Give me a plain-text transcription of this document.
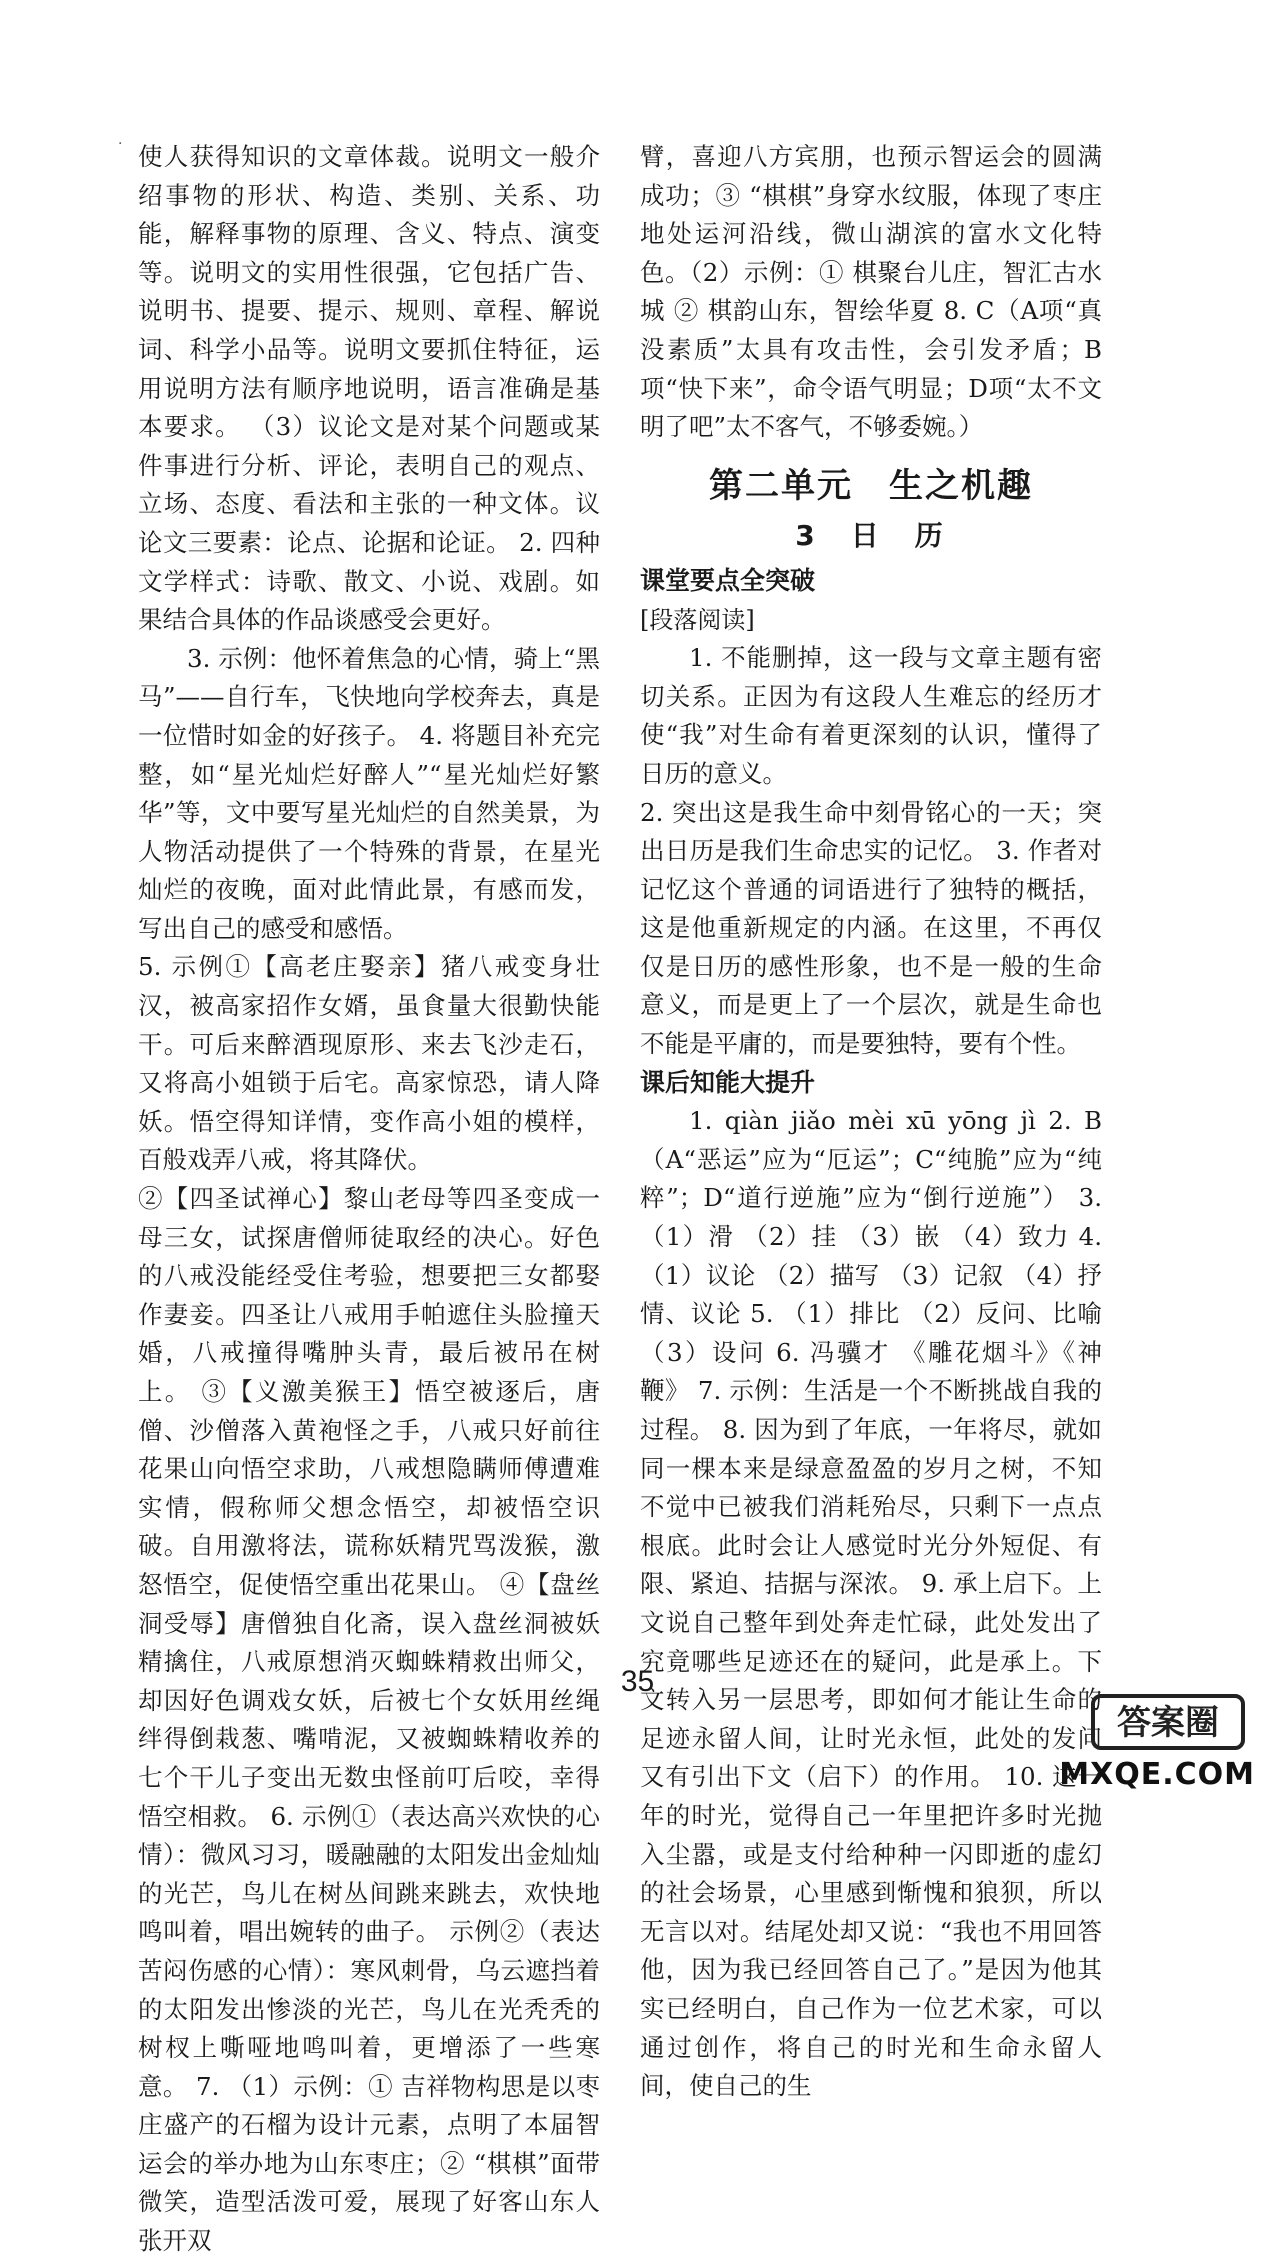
· 使人获得知识的文章体裁。说明文一般介绍事物的形状、构造、类别、关系、功能，解释事物的原理、含义、特点、演变等。说明文的实用性很强，它包括广告、说明书、提要、提示、规则、章程、解说词、科学小品等。说明文要抓住特征，运用说明方法有顺序地说明，语言准确是基本要求。 （3）议论文是对某个问题或某件事进行分析、评论，表明自己的观点、立场、态度、看法和主张的一种文体。议论文三要素：论点、论据和论证。 2. 四种文学样式：诗歌、散文、小说、戏剧。如果结合具体的作品谈感受会更好。

3. 示例：他怀着焦急的心情，骑上“黑马”——自行车，飞快地向学校奔去，真是一位惜时如金的好孩子。 4. 将题目补充完整，如“星光灿烂好醉人”“星光灿烂好繁华”等，文中要写星光灿烂的自然美景，为人物活动提供了一个特殊的背景，在星光灿烂的夜晚，面对此情此景，有感而发，写出自己的感受和感悟。

5. 示例①【高老庄娶亲】猪八戒变身壮汉，被高家招作女婿，虽食量大很勤快能干。可后来醉酒现原形、来去飞沙走石，又将高小姐锁于后宅。高家惊恐，请人降妖。悟空得知详情，变作高小姐的模样，百般戏弄八戒，将其降伏。

②【四圣试禅心】黎山老母等四圣变成一母三女，试探唐僧师徒取经的决心。好色的八戒没能经受住考验，想要把三女都娶作妻妾。四圣让八戒用手帕遮住头脸撞天婚，八戒撞得嘴肿头青，最后被吊在树上。 ③【义激美猴王】悟空被逐后，唐僧、沙僧落入黄袍怪之手，八戒只好前往花果山向悟空求助，八戒想隐瞒师傅遭难实情，假称师父想念悟空，却被悟空识破。自用激将法，谎称妖精咒骂泼猴，激怒悟空，促使悟空重出花果山。 ④【盘丝洞受辱】唐僧独自化斋，误入盘丝洞被妖精擒住，八戒原想消灭蜘蛛精救出师父，却因好色调戏女妖，后被七个女妖用丝绳绊得倒栽葱、嘴啃泥，又被蜘蛛精收养的七个干儿子变出无数虫怪前叮后咬，幸得悟空相救。 6. 示例①（表达高兴欢快的心情）：微风习习，暖融融的太阳发出金灿灿的光芒，鸟儿在树丛间跳来跳去，欢快地鸣叫着，唱出婉转的曲子。 示例②（表达苦闷伤感的心情）：寒风刺骨，乌云遮挡着的太阳发出惨淡的光芒，鸟儿在光秃秃的树杈上嘶哑地鸣叫着，更增添了一些寒意。 7. （1）示例：① 吉祥物构思是以枣庄盛产的石榴为设计元素，点明了本届智运会的举办地为山东枣庄；② “棋棋”面带微笑，造型活泼可爱，展现了好客山东人张开双

臂，喜迎八方宾朋，也预示智运会的圆满成功；③ “棋棋”身穿水纹服，体现了枣庄地处运河沿线，微山湖滨的富水文化特色。（2）示例：① 棋聚台儿庄，智汇古水城 ② 棋韵山东，智绘华夏 8. C（A项“真没素质”太具有攻击性，会引发矛盾；B项“快下来”，命令语气明显；D项“太不文明了吧”太不客气，不够委婉。）

第二单元　生之机趣
3　日　历

课堂要点全突破

[段落阅读]

1. 不能删掉，这一段与文章主题有密切关系。正因为有这段人生难忘的经历才使“我”对生命有着更深刻的认识，懂得了日历的意义。

2. 突出这是我生命中刻骨铭心的一天；突出日历是我们生命忠实的记忆。 3. 作者对记忆这个普通的词语进行了独特的概括，这是他重新规定的内涵。在这里，不再仅仅是日历的感性形象，也不是一般的生命意义，而是更上了一个层次，就是生命也不能是平庸的，而是要独特，要有个性。

课后知能大提升

1. qiàn jiǎo mèi xū yōng jì 2. B（A“恶运”应为“厄运”；C“纯脆”应为“纯粹”；D“道行逆施”应为“倒行逆施”） 3. （1）滑 （2）挂 （3）嵌 （4）致力 4. （1）议论 （2）描写 （3）记叙 （4）抒情、议论 5. （1）排比 （2）反问、比喻 （3）设问 6. 冯骥才 《雕花烟斗》《神鞭》 7. 示例：生活是一个不断挑战自我的过程。 8. 因为到了年底，一年将尽，就如同一棵本来是绿意盈盈的岁月之树，不知不觉中已被我们消耗殆尽，只剩下一点点根底。此时会让人感觉时光分外短促、有限、紧迫、拮据与深浓。 9. 承上启下。上文说自己整年到处奔走忙碌，此处发出了究竟哪些足迹还在的疑问，此是承上。下文转入另一层思考，即如何才能让生命的足迹永留人间，让时光永恒，此处的发问又有引出下文（启下）的作用。 10. 这一年的时光，觉得自己一年里把许多时光抛入尘嚣，或是支付给种种一闪即逝的虚幻的社会场景，心里感到惭愧和狼狈，所以无言以对。结尾处却又说：“我也不用回答他，因为我已经回答自己了。”是因为他其实已经明白，自己作为一位艺术家，可以通过创作，将自己的时光和生命永留人间，使自己的生

35
答案圈
MXQE.COM
